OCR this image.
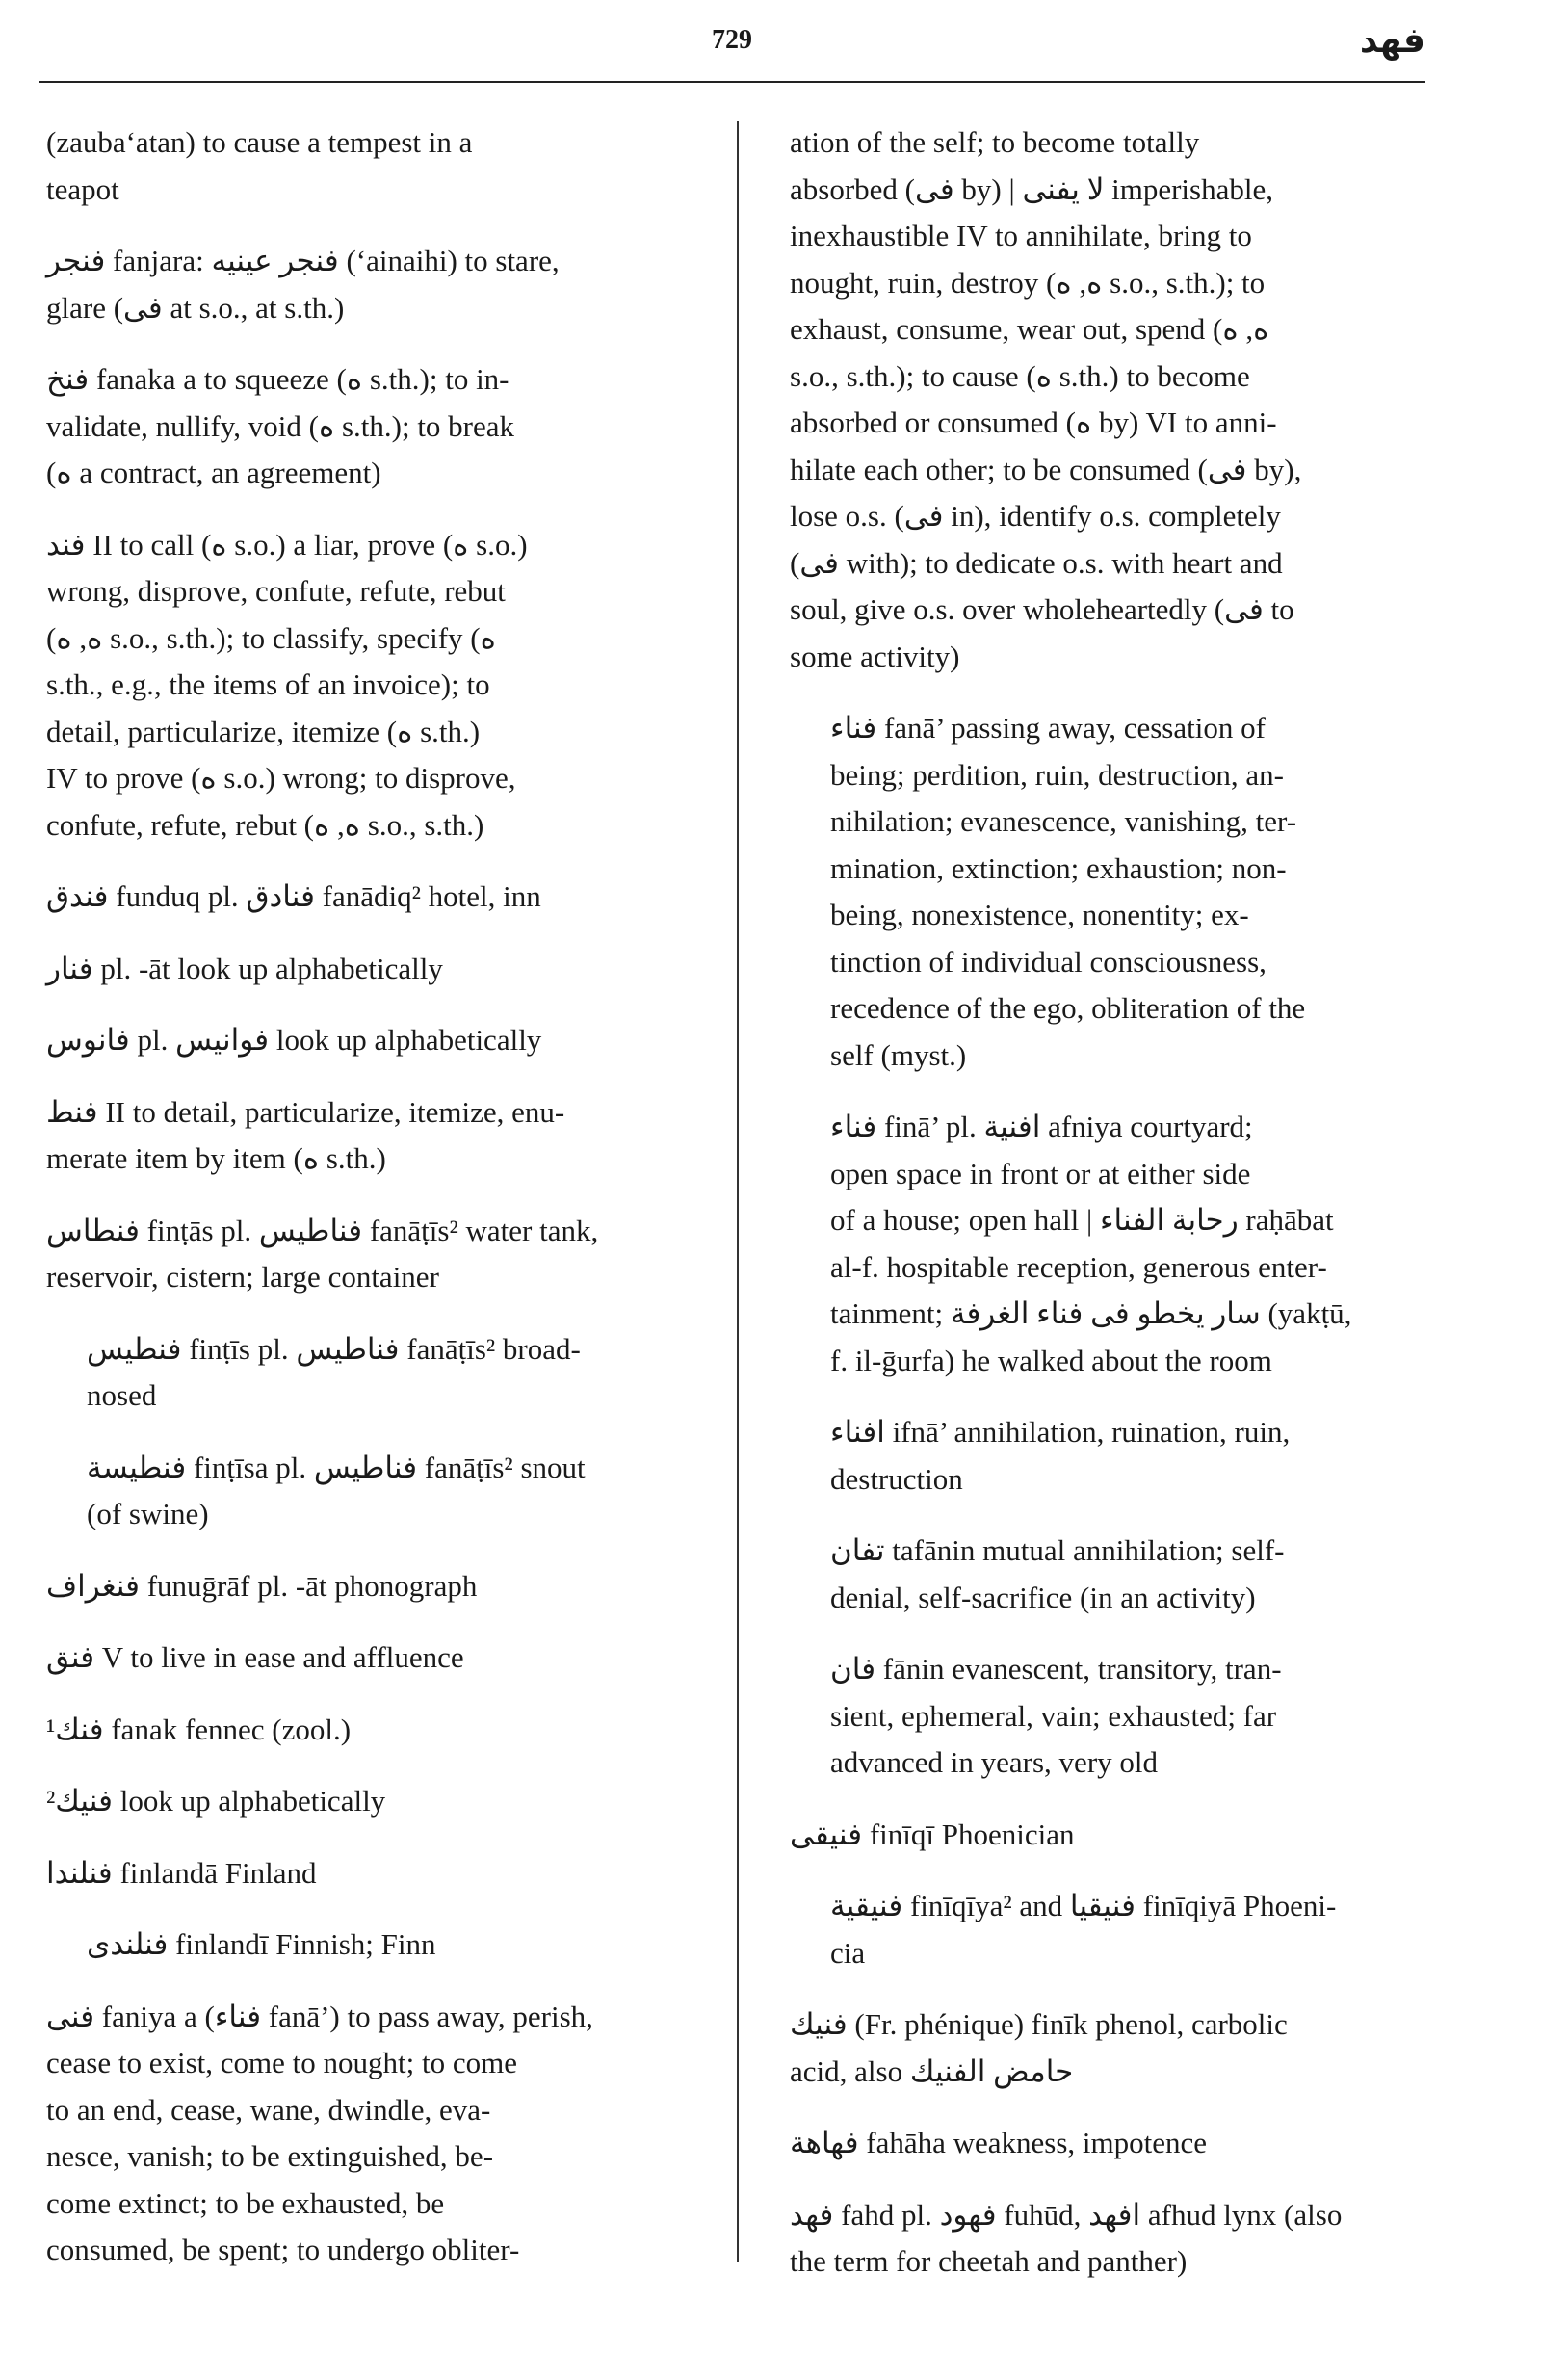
729	فهد
(zauba‘atan) to cause a tempest in a
teapot
فنجر fanjara: فنجر عينيه (‘ainaihi) to stare,
glare (فى at s.o., at s.th.)
فنخ fanaka a to squeeze (ه s.th.); to in-
validate, nullify, void (ه s.th.); to break
(ه a contract, an agreement)
فند II to call (ه s.o.) a liar, prove (ه s.o.)
wrong, disprove, confute, refute, rebut
(ه, ه s.o., s.th.); to classify, specify (ه
s.th., e.g., the items of an invoice); to
detail, particularize, itemize (ه s.th.)
IV to prove (ه s.o.) wrong; to disprove,
confute, refute, rebut (ه, ه s.o., s.th.)
فندق funduq pl. فنادق fanādiq² hotel, inn
فنار pl. -āt look up alphabetically
فانوس pl. فوانيس look up alphabetically
فنط II to detail, particularize, itemize, enu-
merate item by item (ه s.th.)
فنطاس finṭās pl. فناطيس fanāṭīs² water tank,
reservoir, cistern; large container
فنطيس finṭīs pl. فناطيس fanāṭīs² broad-
nosed
فنطيسة finṭīsa pl. فناطيس fanāṭīs² snout
(of swine)
فنغراف funuḡrāf pl. -āt phonograph
فنق V to live in ease and affluence
¹فنك fanak fennec (zool.)
²فنيك look up alphabetically
فنلندا finlandā Finland
فنلندى finlandī Finnish; Finn
فنى faniya a (فناء fanā’) to pass away, perish,
cease to exist, come to nought; to come
to an end, cease, wane, dwindle, eva-
nesce, vanish; to be extinguished, be-
come extinct; to be exhausted, be
consumed, be spent; to undergo obliter-
ation of the self; to become totally
absorbed (فى by) | لا يفنى imperishable,
inexhaustible IV to annihilate, bring to
nought, ruin, destroy (ه, ه s.o., s.th.); to
exhaust, consume, wear out, spend (ه, ه
s.o., s.th.); to cause (ه s.th.) to become
absorbed or consumed (ه by) VI to anni-
hilate each other; to be consumed (فى by),
lose o.s. (فى in), identify o.s. completely
(فى with); to dedicate o.s. with heart and
soul, give o.s. over wholeheartedly (فى to
some activity)
فناء fanā’ passing away, cessation of
being; perdition, ruin, destruction, an-
nihilation; evanescence, vanishing, ter-
mination, extinction; exhaustion; non-
being, nonexistence, nonentity; ex-
tinction of individual consciousness,
recedence of the ego, obliteration of the
self (myst.)
فناء finā’ pl. افنية afniya courtyard;
open space in front or at either side
of a house; open hall | رحابة الفناء raḥābat
al-f. hospitable reception, generous enter-
tainment; سار يخطو فى فناء الغرفة (yakṭū,
f. il-ḡurfa) he walked about the room
افناء ifnā’ annihilation, ruination, ruin,
destruction
تفان tafānin mutual annihilation; self-
denial, self-sacrifice (in an activity)
فان fānin evanescent, transitory, tran-
sient, ephemeral, vain; exhausted; far
advanced in years, very old
فنيقى finīqī Phoenician
فنيقية finīqīya² and فنيقيا finīqiyā Phoeni-
cia
فنيك (Fr. phénique) finīk phenol, carbolic
acid, also حامض الفنيك
فهاهة fahāha weakness, impotence
فهد fahd pl. فهود fuhūd, افهد afhud lynx (also
the term for cheetah and panther)
